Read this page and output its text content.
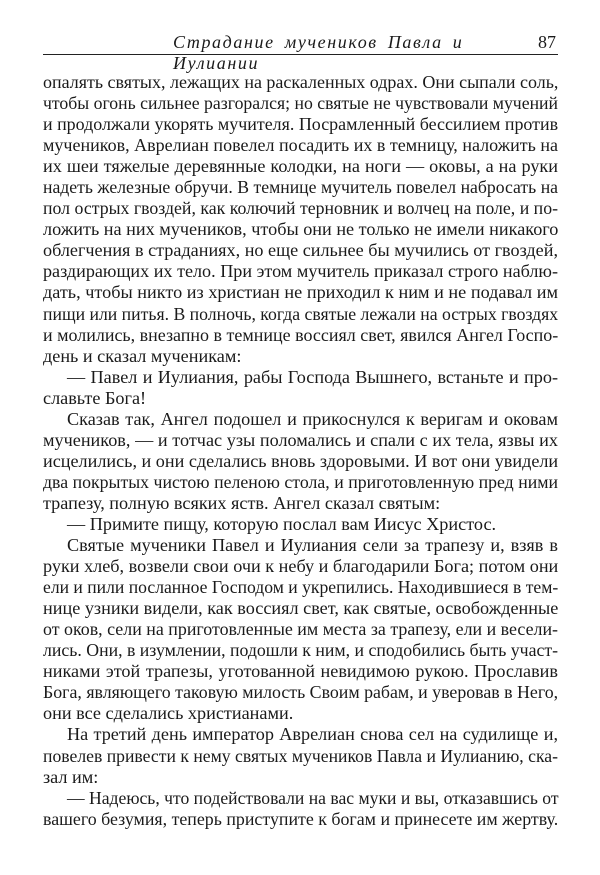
Страдание мучеников Павла и Иулиании
87
опалять святых, лежащих на раскаленных одрах. Они сыпали соль,
чтобы огонь сильнее разгорался; но святые не чувствовали мучений
и продолжали укорять мучителя. Посрамленный бессилием против
мучеников, Аврелиан повелел посадить их в темницу, наложить на
их шеи тяжелые деревянные колодки, на ноги — оковы, а на руки
надеть железные обручи. В темнице мучитель повелел набросать на
пол острых гвоздей, как колючий терновник и волчец на поле, и по-
ложить на них мучеников, чтобы они не только не имели никакого
облегчения в страданиях, но еще сильнее бы мучились от гвоздей,
раздирающих их тело. При этом мучитель приказал строго наблю-
дать, чтобы никто из христиан не приходил к ним и не подавал им
пищи или питья. В полночь, когда святые лежали на острых гвоздях
и молились, внезапно в темнице воссиял свет, явился Ангел Госпо-
день и сказал мученикам:
— Павел и Иулиания, рабы Господа Вышнего, встаньте и про-
славьте Бога!
Сказав так, Ангел подошел и прикоснулся к веригам и оковам
мучеников, — и тотчас узы поломались и спали с их тела, язвы их
исцелились, и они сделались вновь здоровыми. И вот они увидели
два покрытых чистою пеленою стола, и приготовленную пред ними
трапезу, полную всяких яств. Ангел сказал святым:
— Примите пищу, которую послал вам Иисус Христос.
Святые мученики Павел и Иулиания сели за трапезу и, взяв в
руки хлеб, возвели свои очи к небу и благодарили Бога; потом они
ели и пили посланное Господом и укрепились. Находившиеся в тем-
нице узники видели, как воссиял свет, как святые, освобожденные
от оков, сели на приготовленные им места за трапезу, ели и весели-
лись. Они, в изумлении, подошли к ним, и сподобились быть участ-
никами этой трапезы, уготованной невидимою рукою. Прославив
Бога, являющего таковую милость Своим рабам, и уверовав в Него,
они все сделались христианами.
На третий день император Аврелиан снова сел на судилище и,
повелев привести к нему святых мучеников Павла и Иулианию, ска-
зал им:
— Надеюсь, что подействовали на вас муки и вы, отказавшись от
вашего безумия, теперь приступите к богам и принесете им жертву.
